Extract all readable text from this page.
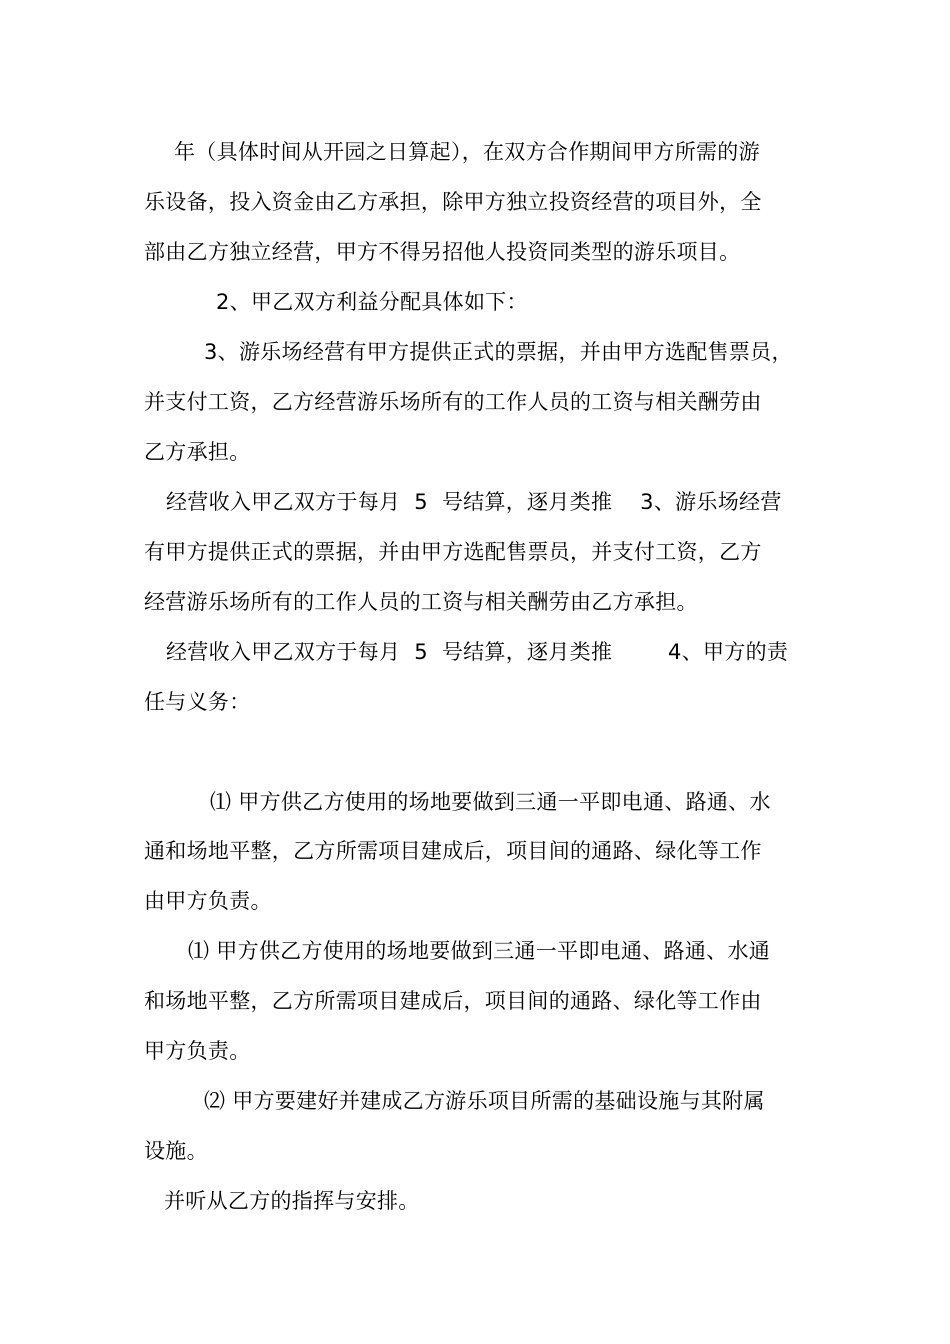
年（具体时间从开园之日算起），在双方合作期间甲方所需的游
乐设备，投入资金由乙方承担，除甲方独立投资经营的项目外，全
部由乙方独立经营，甲方不得另招他人投资同类型的游乐项目。
2、甲乙双方利益分配具体如下：
3、游乐场经营有甲方提供正式的票据，并由甲方选配售票员，
并支付工资，乙方经营游乐场所有的工作人员的工资与相关酬劳由
乙方承担。
经营收入甲乙双方于每月  5  号结算，逐月类推    3、游乐场经营
有甲方提供正式的票据，并由甲方选配售票员，并支付工资，乙方
经营游乐场所有的工作人员的工资与相关酬劳由乙方承担。
经营收入甲乙双方于每月  5  号结算，逐月类推        4、甲方的责
任与义务：
⑴ 甲方供乙方使用的场地要做到三通一平即电通、路通、水
通和场地平整，乙方所需项目建成后，项目间的通路、绿化等工作
由甲方负责。
⑴ 甲方供乙方使用的场地要做到三通一平即电通、路通、水通
和场地平整，乙方所需项目建成后，项目间的通路、绿化等工作由
甲方负责。
⑵ 甲方要建好并建成乙方游乐项目所需的基础设施与其附属
设施。
并听从乙方的指挥与安排。
